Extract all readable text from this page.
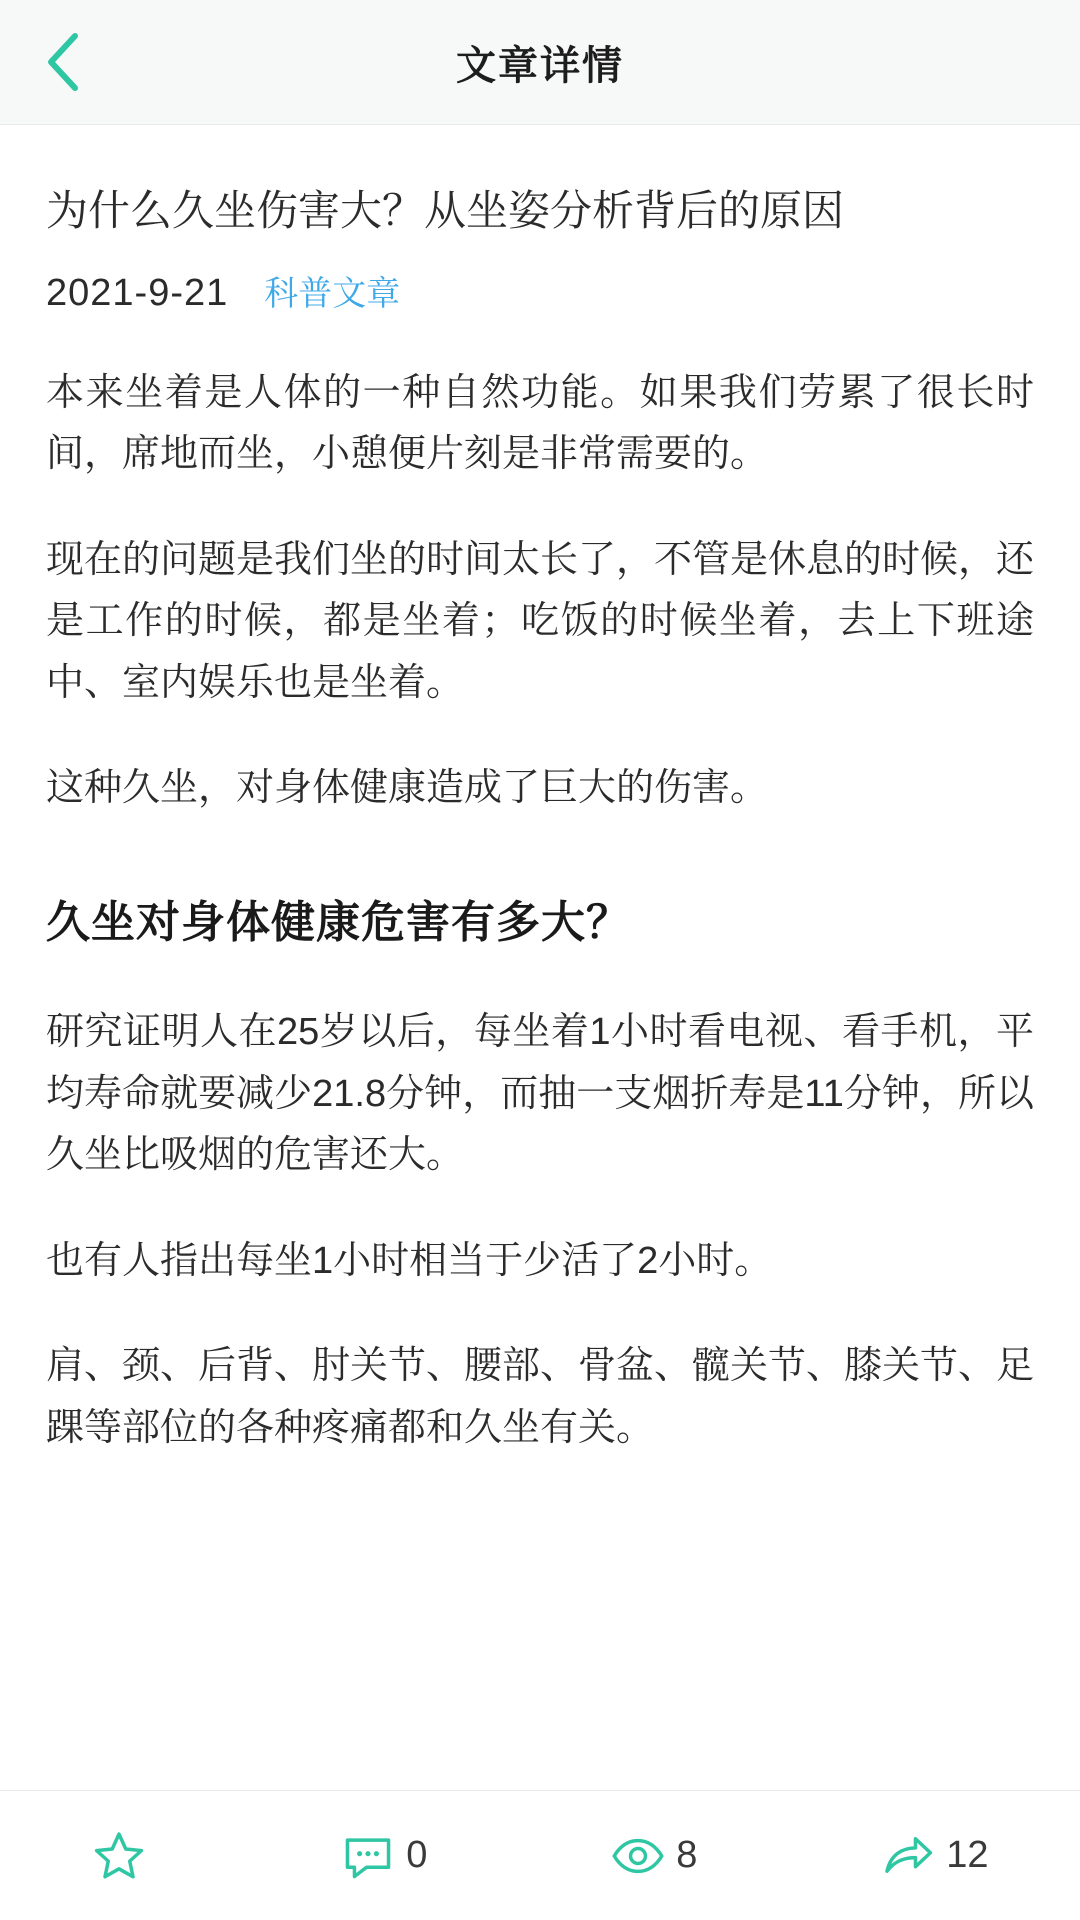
文章详情
为什么久坐伤害大？从坐姿分析背后的原因
2021-9-21 科普文章

本来坐着是人体的一种自然功能。如果我们劳累了很长时间，席地而坐，小憩便片刻是非常需要的。

现在的问题是我们坐的时间太长了，不管是休息的时候，还是工作的时候，都是坐着；吃饭的时候坐着，去上下班途中、室内娱乐也是坐着。

这种久坐，对身体健康造成了巨大的伤害。

久坐对身体健康危害有多大？

研究证明人在25岁以后，每坐着1小时看电视、看手机，平均寿命就要减少21.8分钟，而抽一支烟折寿是11分钟，所以久坐比吸烟的危害还大。

也有人指出每坐1小时相当于少活了2小时。

肩、颈、后背、肘关节、腰部、骨盆、髋关节、膝关节、足踝等部位的各种疼痛都和久坐有关。

0	8	12
